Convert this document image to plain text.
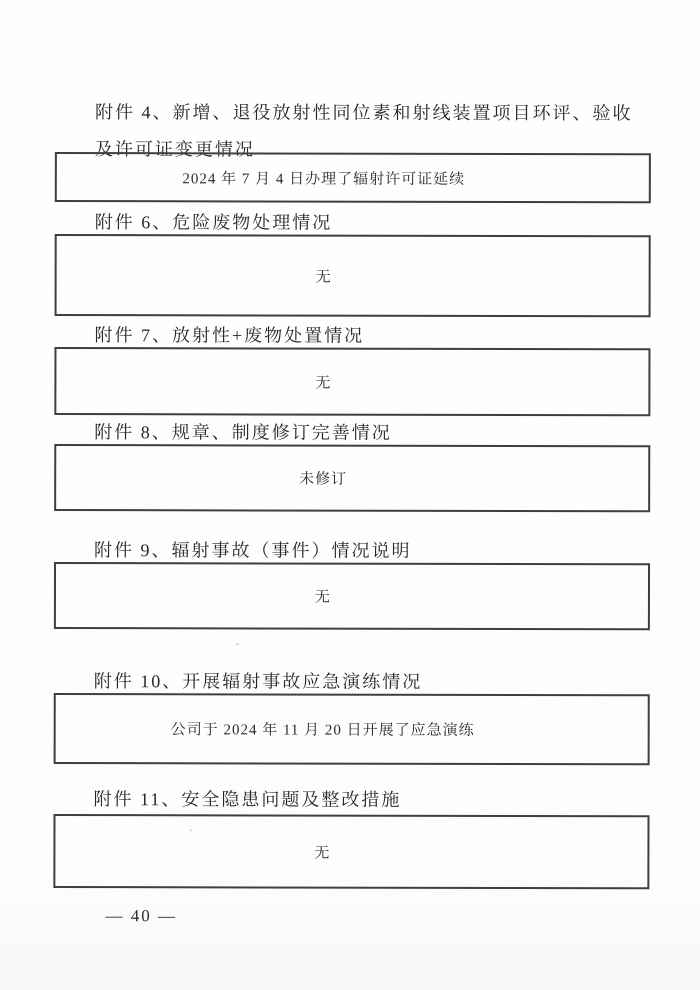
附件 4、新增、退役放射性同位素和射线装置项目环评、验收
及许可证变更情况
2024 年 7 月 4 日办理了辐射许可证延续
附件 6、危险废物处理情况
无
附件 7、放射性+废物处置情况
无
附件 8、规章、制度修订完善情况
未修订
附件 9、辐射事故（事件）情况说明
无
附件 10、开展辐射事故应急演练情况
公司于 2024 年 11 月 20 日开展了应急演练
附件 11、安全隐患问题及整改措施
无
— 40 —
